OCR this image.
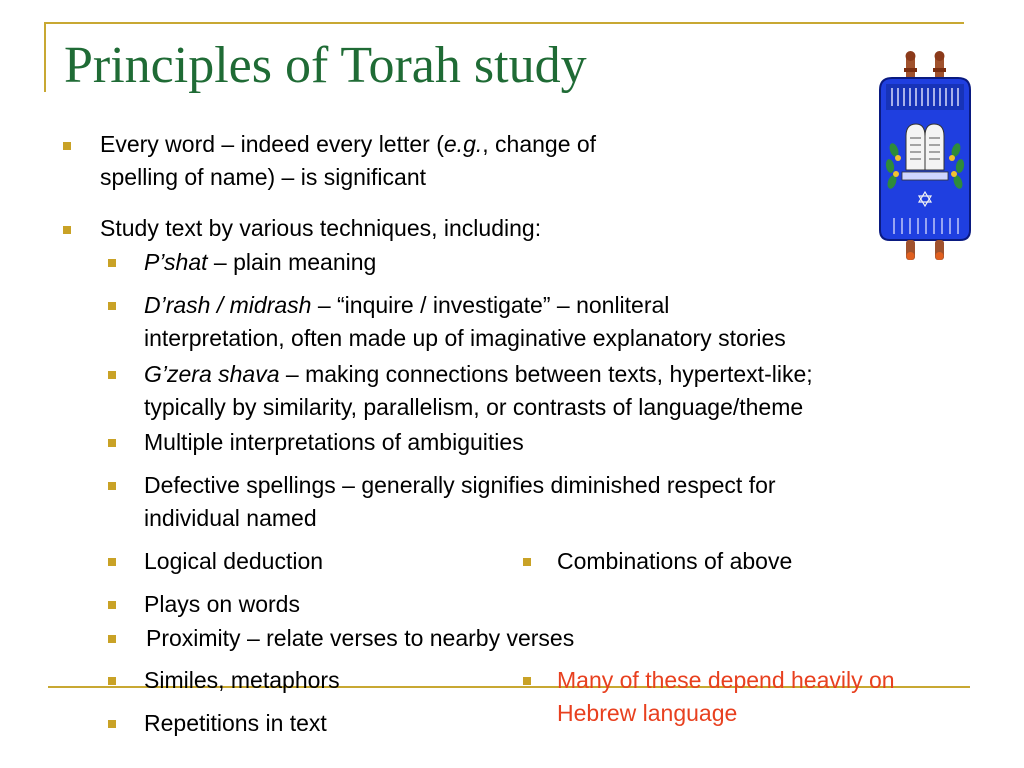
Principles of Torah study
Every word – indeed every letter (e.g., change of
spelling of name) – is significant
Study text by various techniques, including:
P’shat – plain meaning
D’rash / midrash – “inquire / investigate” – nonliteral
interpretation, often made up of imaginative explanatory stories
G’zera shava – making connections between texts, hypertext-like;
typically by similarity, parallelism, or contrasts of language/theme
Multiple interpretations of ambiguities
Defective spellings – generally signifies diminished respect for
individual named
Logical deduction	Combinations of above
Plays on words
Proximity – relate verses to nearby verses
Similes, metaphors	Many of these depend heavily on
Hebrew language
Repetitions in text
